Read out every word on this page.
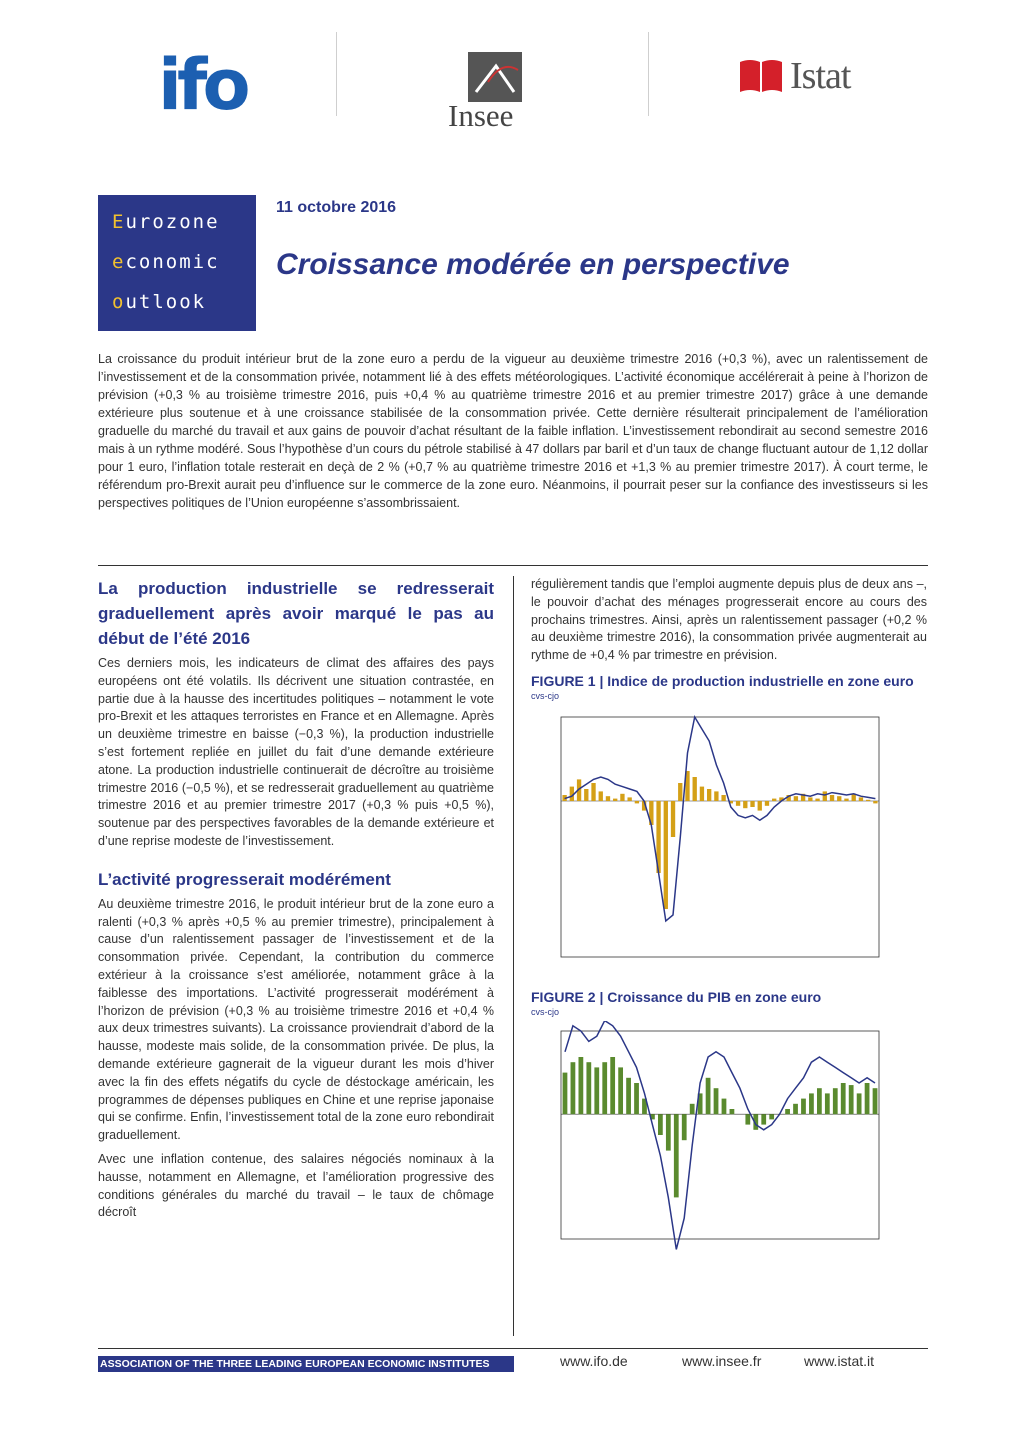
ifo	Insee
Istat
Eurozone
economic
outlook
11 octobre 2016
Croissance modérée en perspective

La croissance du produit intérieur brut de la zone euro a perdu de la vigueur au deuxième trimestre 2016 (+0,3 %), avec un ralentissement de l’investissement et de la consommation privée, notamment lié à des effets météorologiques. L’activité économique accélérerait à peine à l’horizon de prévision (+0,3 % au troisième trimestre 2016, puis +0,4 % au quatrième trimestre 2016 et au premier trimestre 2017) grâce à une demande extérieure plus soutenue et à une croissance stabilisée de la consommation privée. Cette dernière résulterait principalement de l’amélioration graduelle du marché du travail et aux gains de pouvoir d’achat résultant de la faible inflation. L’investissement rebondirait au second semestre 2016 mais à un rythme modéré. Sous l’hypothèse d’un cours du pétrole stabilisé à 47 dollars par baril et d’un taux de change fluctuant autour de 1,12 dollar pour 1 euro, l’inflation totale resterait en deçà de 2 % (+0,7 % au quatrième trimestre 2016 et +1,3 % au premier trimestre 2017). À court terme, le référendum pro-Brexit aurait peu d’influence sur le commerce de la zone euro. Néanmoins, il pourrait peser sur la confiance des investisseurs si les perspectives politiques de l’Union européenne s’assombrissaient.

La production industrielle se redresserait graduellement après avoir marqué le pas au début de l’été 2016

Ces derniers mois, les indicateurs de climat des affaires des pays européens ont été volatils. Ils décrivent une situation contrastée, en partie due à la hausse des incertitudes politiques – notamment le vote pro-Brexit et les attaques terroristes en France et en Allemagne. Après un deuxième trimestre en baisse (−0,3 %), la production industrielle s’est fortement repliée en juillet du fait d’une demande extérieure atone. La production industrielle continuerait de décroître au troisième trimestre 2016 (−0,5 %), et se redresserait graduellement au quatrième trimestre 2016 et au premier trimestre 2017 (+0,3 % puis +0,5 %), soutenue par des perspectives favorables de la demande extérieure et d’une reprise modeste de l’investissement.

L’activité progresserait modérément

Au deuxième trimestre 2016, le produit intérieur brut de la zone euro a ralenti (+0,3 % après +0,5 % au premier trimestre), principalement à cause d’un ralentissement passager de l’investissement et de la consommation privée. Cependant, la contribution du commerce extérieur à la croissance s’est améliorée, notamment grâce à la faiblesse des importations. L’activité progresserait modérément à l’horizon de prévision (+0,3 % au troisième trimestre 2016 et +0,4 % aux deux trimestres suivants). La croissance proviendrait d’abord de la hausse, modeste mais solide, de la consommation privée. De plus, la demande extérieure gagnerait de la vigueur durant les mois d’hiver avec la fin des effets négatifs du cycle de déstockage américain, les programmes de dépenses publiques en Chine et une reprise japonaise qui se confirme. Enfin, l’investissement total de la zone euro rebondirait graduellement.

Avec une inflation contenue, des salaires négociés nominaux à la hausse, notamment en Allemagne, et l’amélioration progressive des conditions générales du marché du travail – le taux de chômage décroît

régulièrement tandis que l’emploi augmente depuis plus de deux ans –, le pouvoir d’achat des ménages progresserait encore au cours des prochains trimestres. Ainsi, après un ralentissement passager (+0,2 % au deuxième trimestre 2016), la consommation privée augmenterait au rythme de +0,4 % par trimestre en prévision.

FIGURE 1 | Indice de production industrielle en zone euro
cvs-cjo
FIGURE 2 | Croissance du PIB en zone euro
cvs-cjo
ASSOCIATION OF THE THREE LEADING EUROPEAN ECONOMIC INSTITUTES	www.ifo.de	www.insee.fr	www.istat.it
